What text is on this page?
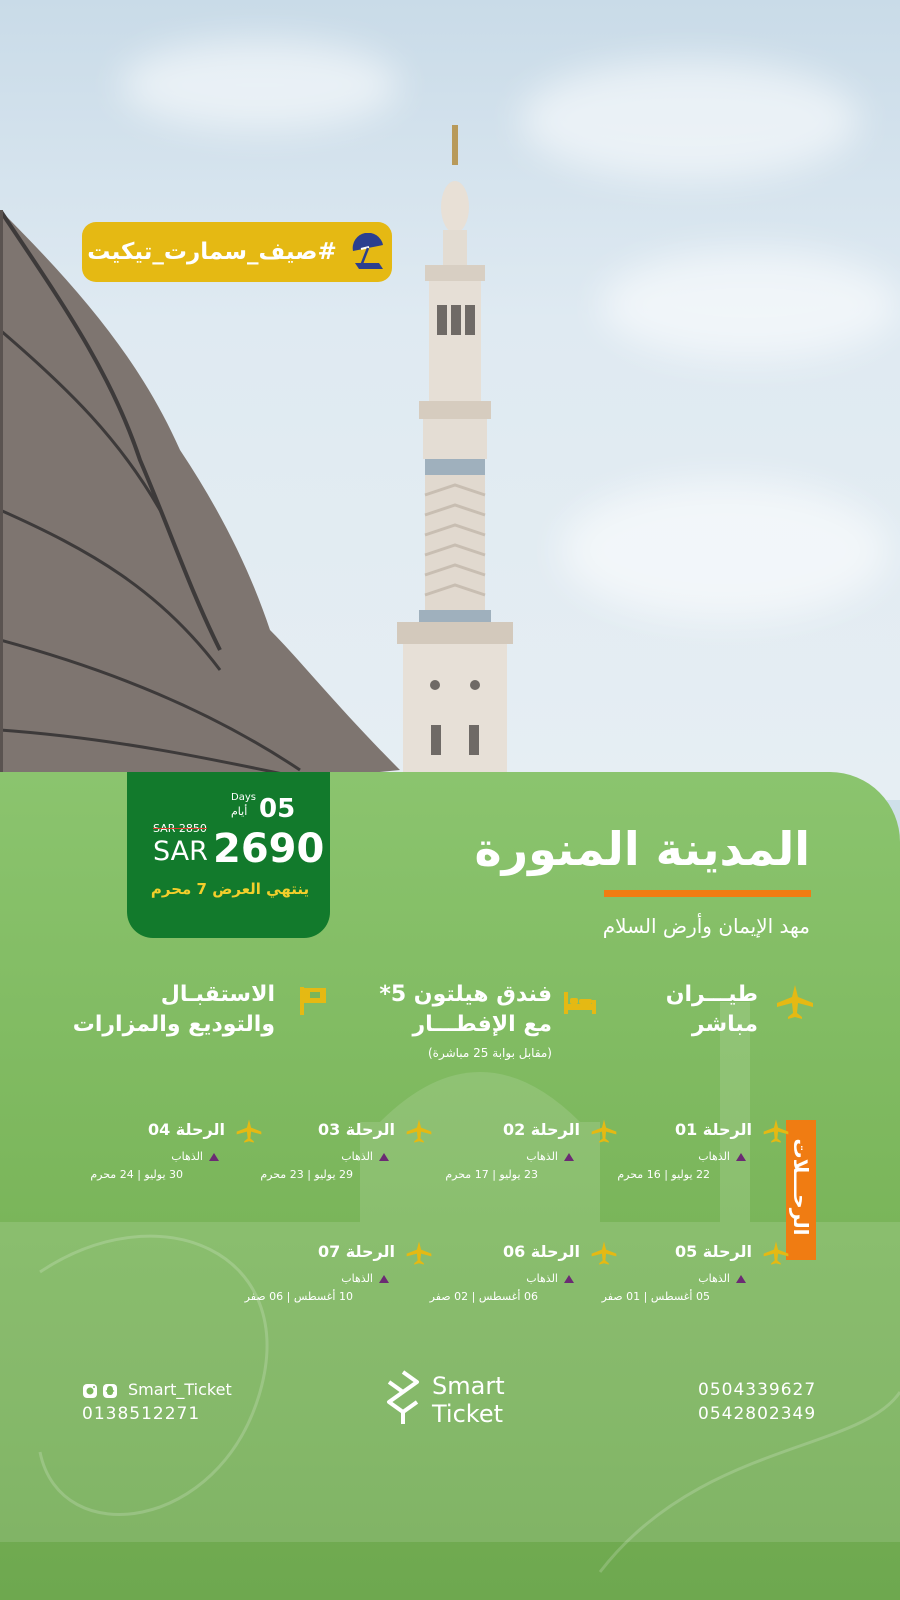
#صيف_سمارت_تيكيت
05
Days
أيام
SAR 2850
SAR 2690
ينتهي العرض 7 محرم
المدينة المنورة
مهد الإيمان وأرض السلام
طيـــران
مباشر
فندق هيلتون 5*
مع الإفطـــار
(مقابل بوابة 25 مباشرة)
الاستقبـال
والتوديع والمزارات
الرحـــلات
الرحلة 01
الذهاب
22 يوليو | 16 محرم
الرحلة 02
الذهاب
23 يوليو | 17 محرم
الرحلة 03
الذهاب
29 يوليو | 23 محرم
الرحلة 04
الذهاب
30 يوليو | 24 محرم
الرحلة 05
الذهاب
05 أغسطس | 01 صفر
الرحلة 06
الذهاب
06 أغسطس | 02 صفر
الرحلة 07
الذهاب
10 أغسطس | 06 صفر
Smart_Ticket
0138512271
Smart
Ticket
0504339627
0542802349
